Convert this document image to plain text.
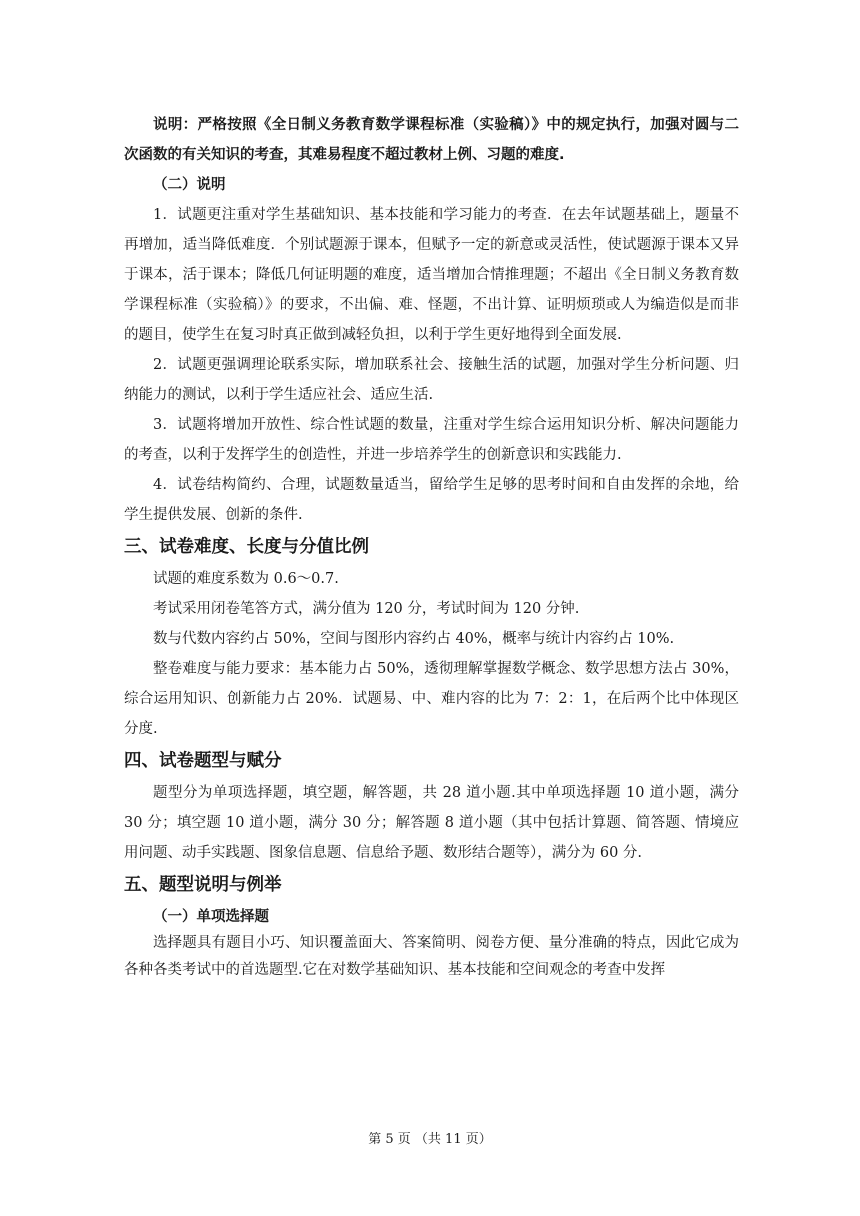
说明：严格按照《全日制义务教育数学课程标准（实验稿）》中的规定执行，加强对圆与二次函数的有关知识的考查，其难易程度不超过教材上例、习题的难度.

（二）说明

1．试题更注重对学生基础知识、基本技能和学习能力的考查．在去年试题基础上，题量不再增加，适当降低难度．个别试题源于课本，但赋予一定的新意或灵活性，使试题源于课本又异于课本，活于课本；降低几何证明题的难度，适当增加合情推理题；不超出《全日制义务教育数学课程标准（实验稿）》的要求，不出偏、难、怪题，不出计算、证明烦琐或人为编造似是而非的题目，使学生在复习时真正做到减轻负担，以利于学生更好地得到全面发展.

2．试题更强调理论联系实际，增加联系社会、接触生活的试题，加强对学生分析问题、归纳能力的测试，以利于学生适应社会、适应生活.

3．试题将增加开放性、综合性试题的数量，注重对学生综合运用知识分析、解决问题能力的考查，以利于发挥学生的创造性，并进一步培养学生的创新意识和实践能力.

4．试卷结构简约、合理，试题数量适当，留给学生足够的思考时间和自由发挥的余地，给学生提供发展、创新的条件.

三、试卷难度、长度与分值比例

试题的难度系数为 0.6～0.7.

考试采用闭卷笔答方式，满分值为 120 分，考试时间为 120 分钟.

数与代数内容约占 50%，空间与图形内容约占 40%，概率与统计内容约占 10%.

整卷难度与能力要求：基本能力占 50%，透彻理解掌握数学概念、数学思想方法占 30%，综合运用知识、创新能力占 20%．试题易、中、难内容的比为 7：2：1，在后两个比中体现区分度.

四、试卷题型与赋分

题型分为单项选择题，填空题，解答题，共 28 道小题.其中单项选择题 10 道小题，满分 30 分；填空题 10 道小题，满分 30 分；解答题 8 道小题（其中包括计算题、简答题、情境应用问题、动手实践题、图象信息题、信息给予题、数形结合题等），满分为 60 分.

五、题型说明与例举
（一）单项选择题

选择题具有题目小巧、知识覆盖面大、答案简明、阅卷方便、量分准确的特点，因此它成为各种各类考试中的首选题型.它在对数学基础知识、基本技能和空间观念的考查中发挥

第 5 页 （共 11 页）
